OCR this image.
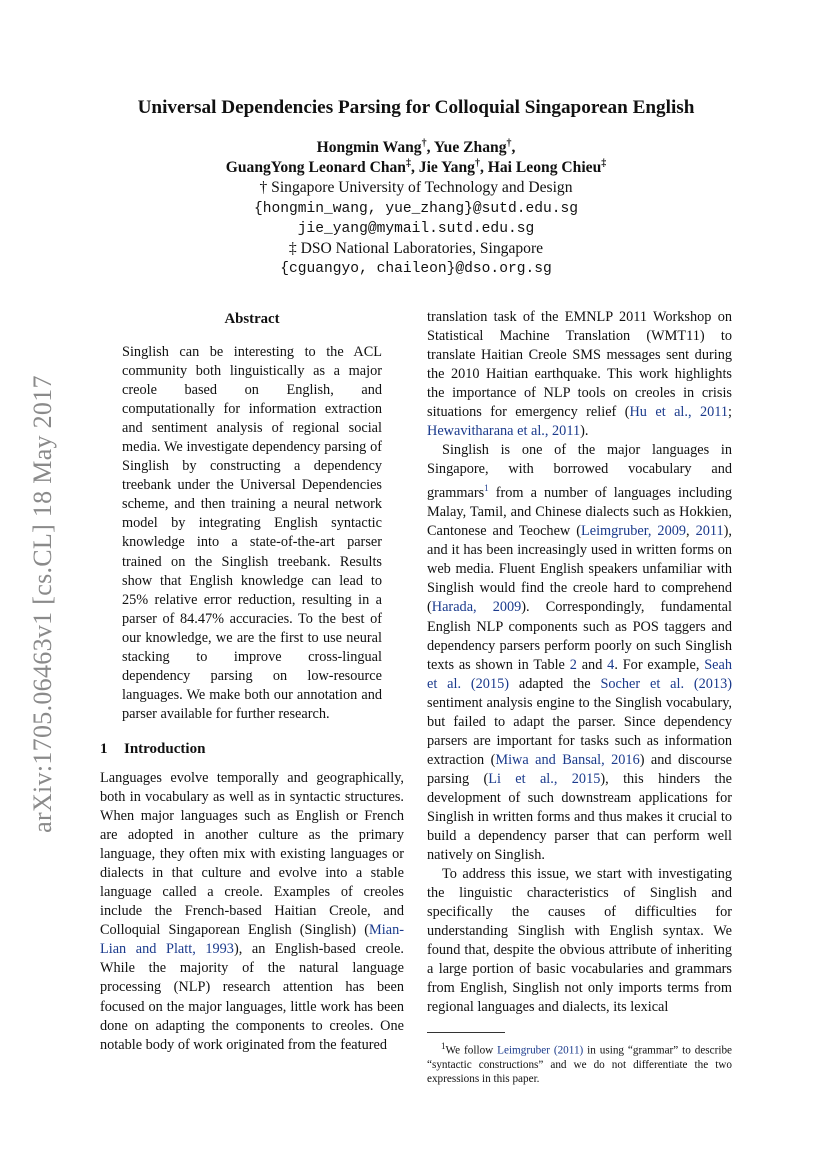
arXiv:1705.06463v1 [cs.CL] 18 May 2017
Universal Dependencies Parsing for Colloquial Singaporean English
Hongmin Wang†, Yue Zhang†,
GuangYong Leonard Chan‡, Jie Yang†, Hai Leong Chieu‡
† Singapore University of Technology and Design
{hongmin_wang, yue_zhang}@sutd.edu.sg
jie_yang@mymail.sutd.edu.sg
‡ DSO National Laboratories, Singapore
{cguangyo, chaileon}@dso.org.sg
Abstract

Singlish can be interesting to the ACL community both linguistically as a major creole based on English, and computationally for information extraction and sentiment analysis of regional social media. We investigate dependency parsing of Singlish by constructing a dependency treebank under the Universal Dependencies scheme, and then training a neural network model by integrating English syntactic knowledge into a state-of-the-art parser trained on the Singlish treebank. Results show that English knowledge can lead to 25% relative error reduction, resulting in a parser of 84.47% accuracies. To the best of our knowledge, we are the first to use neural stacking to improve cross-lingual dependency parsing on low-resource languages. We make both our annotation and parser available for further research.

1 Introduction

Languages evolve temporally and geographically, both in vocabulary as well as in syntactic structures. When major languages such as English or French are adopted in another culture as the primary language, they often mix with existing languages or dialects in that culture and evolve into a stable language called a creole. Examples of creoles include the French-based Haitian Creole, and Colloquial Singaporean English (Singlish) (Mian-Lian and Platt, 1993), an English-based creole. While the majority of the natural language processing (NLP) research attention has been focused on the major languages, little work has been done on adapting the components to creoles. One notable body of work originated from the featured

translation task of the EMNLP 2011 Workshop on Statistical Machine Translation (WMT11) to translate Haitian Creole SMS messages sent during the 2010 Haitian earthquake. This work highlights the importance of NLP tools on creoles in crisis situations for emergency relief (Hu et al., 2011; Hewavitharana et al., 2011).

Singlish is one of the major languages in Singapore, with borrowed vocabulary and grammars$^1$ from a number of languages including Malay, Tamil, and Chinese dialects such as Hokkien, Cantonese and Teochew (Leimgruber, 2009, 2011), and it has been increasingly used in written forms on web media. Fluent English speakers unfamiliar with Singlish would find the creole hard to comprehend (Harada, 2009). Correspondingly, fundamental English NLP components such as POS taggers and dependency parsers perform poorly on such Singlish texts as shown in Table 2 and 4. For example, Seah et al. (2015) adapted the Socher et al. (2013) sentiment analysis engine to the Singlish vocabulary, but failed to adapt the parser. Since dependency parsers are important for tasks such as information extraction (Miwa and Bansal, 2016) and discourse parsing (Li et al., 2015), this hinders the development of such downstream applications for Singlish in written forms and thus makes it crucial to build a dependency parser that can perform well natively on Singlish.

To address this issue, we start with investigating the linguistic characteristics of Singlish and specifically the causes of difficulties for understanding Singlish with English syntax. We found that, despite the obvious attribute of inheriting a large portion of basic vocabularies and grammars from English, Singlish not only imports terms from regional languages and dialects, its lexical

$^1$We follow Leimgruber (2011) in using “grammar” to describe “syntactic constructions” and we do not differentiate the two expressions in this paper.
